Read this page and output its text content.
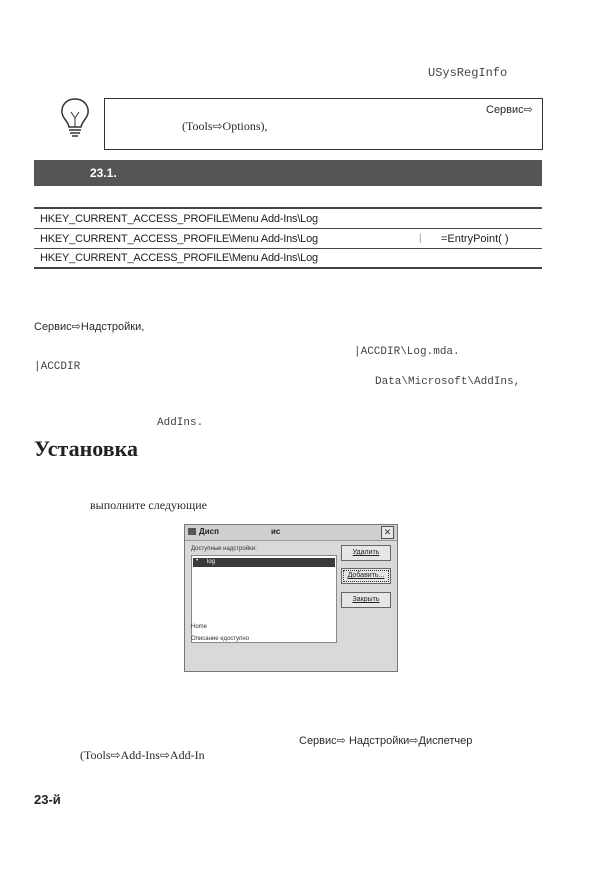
USysRegInfo
Сервис⇨
(Tools⇨Options),
23.1.
HKEY_CURRENT_ACCESS_PROFILE\Menu Add-Ins\Log
HKEY_CURRENT_ACCESS_PROFILE\Menu Add-Ins\Log	| =EntryPoint( )
HKEY_CURRENT_ACCESS_PROFILE\Menu Add-Ins\Log
Сервис⇨Надстройки,
|ACCDIR\Log.mda.
|ACCDIR
Data\Microsoft\AddIns,
AddIns.
Установка
выполните следующие
Дисп	ис	✕
Доступные надстройки:
• log
Удалить
Добавить...
Закрыть
Home
Описание едоступно
Сервис⇨ Надстройки⇨Диспетчер
(Tools⇨Add-Ins⇨Add-In
23-й
